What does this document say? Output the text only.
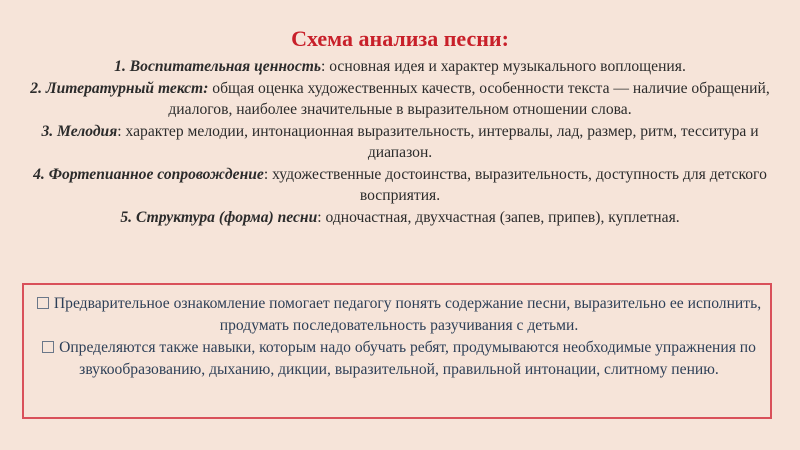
Схема анализа песни:

1. Воспитательная ценность: основная идея и характер музыкального воплощения.

2. Литературный текст: общая оценка художественных качеств, особенности текста — наличие обращений, диалогов, наиболее значительные в выразительном отношении слова.

3. Мелодия: характер мелодии, интонационная выразительность, интервалы, лад, размер, ритм, тесситура и диапазон.

4. Фортепианное сопровождение: художественные достоинства, выразительность, доступность для детского восприятия.

5. Структура (форма) песни: одночастная, двухчастная (запев, припев), куплетная.

Предварительное ознакомление помогает педагогу понять содержание песни, выразительно ее исполнить, продумать последовательность разучивания с детьми.

Определяются также навыки, которым надо обучать ребят, продумываются необходимые упражнения по звукообразованию, дыханию, дикции, выразительной, правильной интонации, слитному пению.
